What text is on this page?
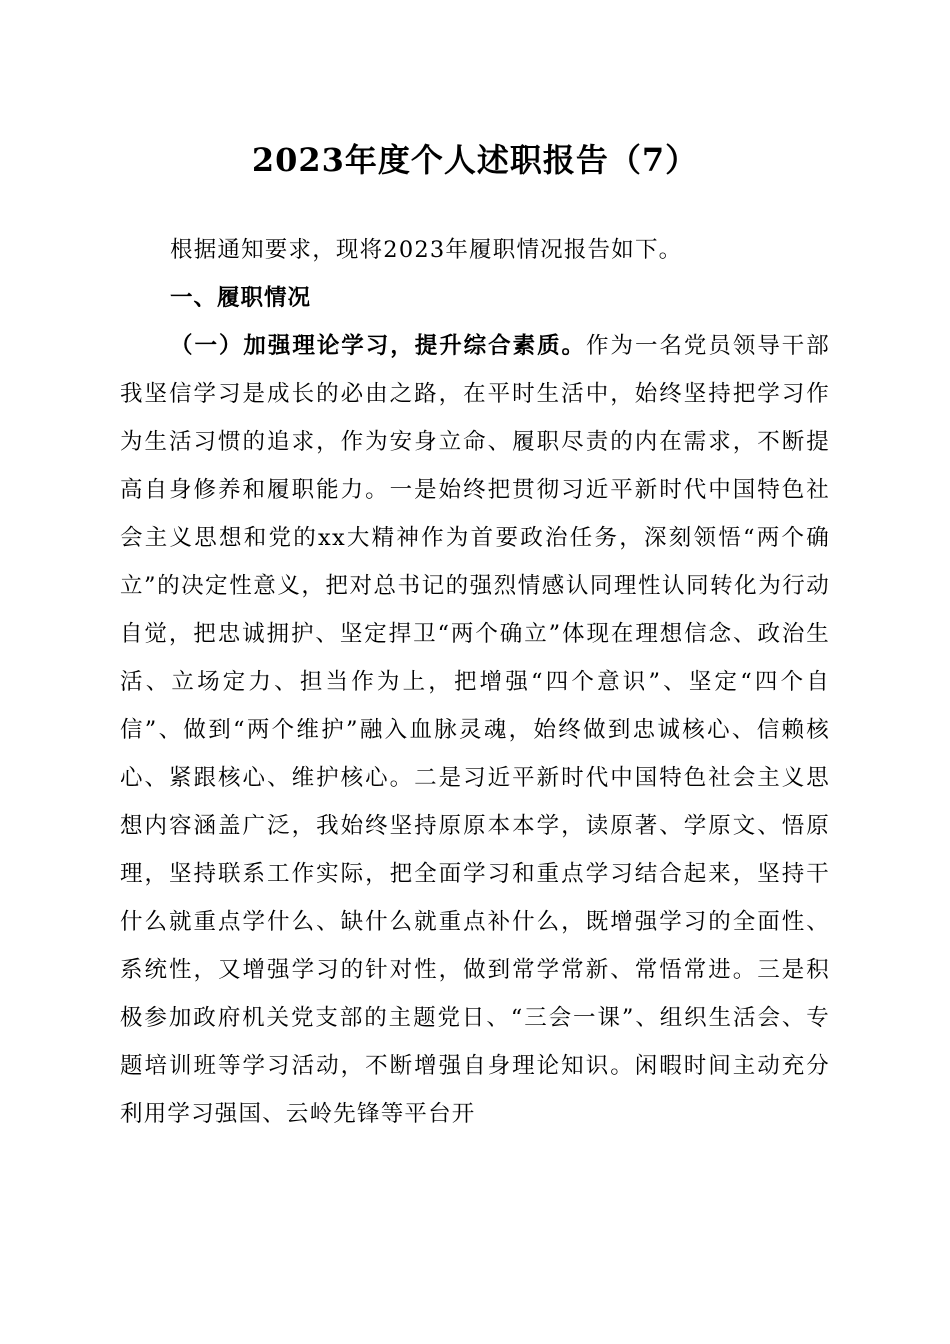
2023年度个人述职报告（7）
根据通知要求，现将2023年履职情况报告如下。
一、履职情况
（一）加强理论学习，提升综合素质。作为一名党员领导干部我坚信学习是成长的必由之路，在平时生活中，始终坚持把学习作为生活习惯的追求，作为安身立命、履职尽责的内在需求，不断提高自身修养和履职能力。一是始终把贯彻习近平新时代中国特色社会主义思想和党的xx大精神作为首要政治任务，深刻领悟“两个确立”的决定性意义，把对总书记的强烈情感认同理性认同转化为行动自觉，把忠诚拥护、坚定捍卫“两个确立”体现在理想信念、政治生活、立场定力、担当作为上，把增强“四个意识”、坚定“四个自信”、做到“两个维护”融入血脉灵魂，始终做到忠诚核心、信赖核心、紧跟核心、维护核心。二是习近平新时代中国特色社会主义思想内容涵盖广泛，我始终坚持原原本本学，读原著、学原文、悟原理，坚持联系工作实际，把全面学习和重点学习结合起来，坚持干什么就重点学什么、缺什么就重点补什么，既增强学习的全面性、系统性，又增强学习的针对性，做到常学常新、常悟常进。三是积极参加政府机关党支部的主题党日、“三会一课”、组织生活会、专题培训班等学习活动，不断增强自身理论知识。闲暇时间主动充分利用学习强国、云岭先锋等平台开
